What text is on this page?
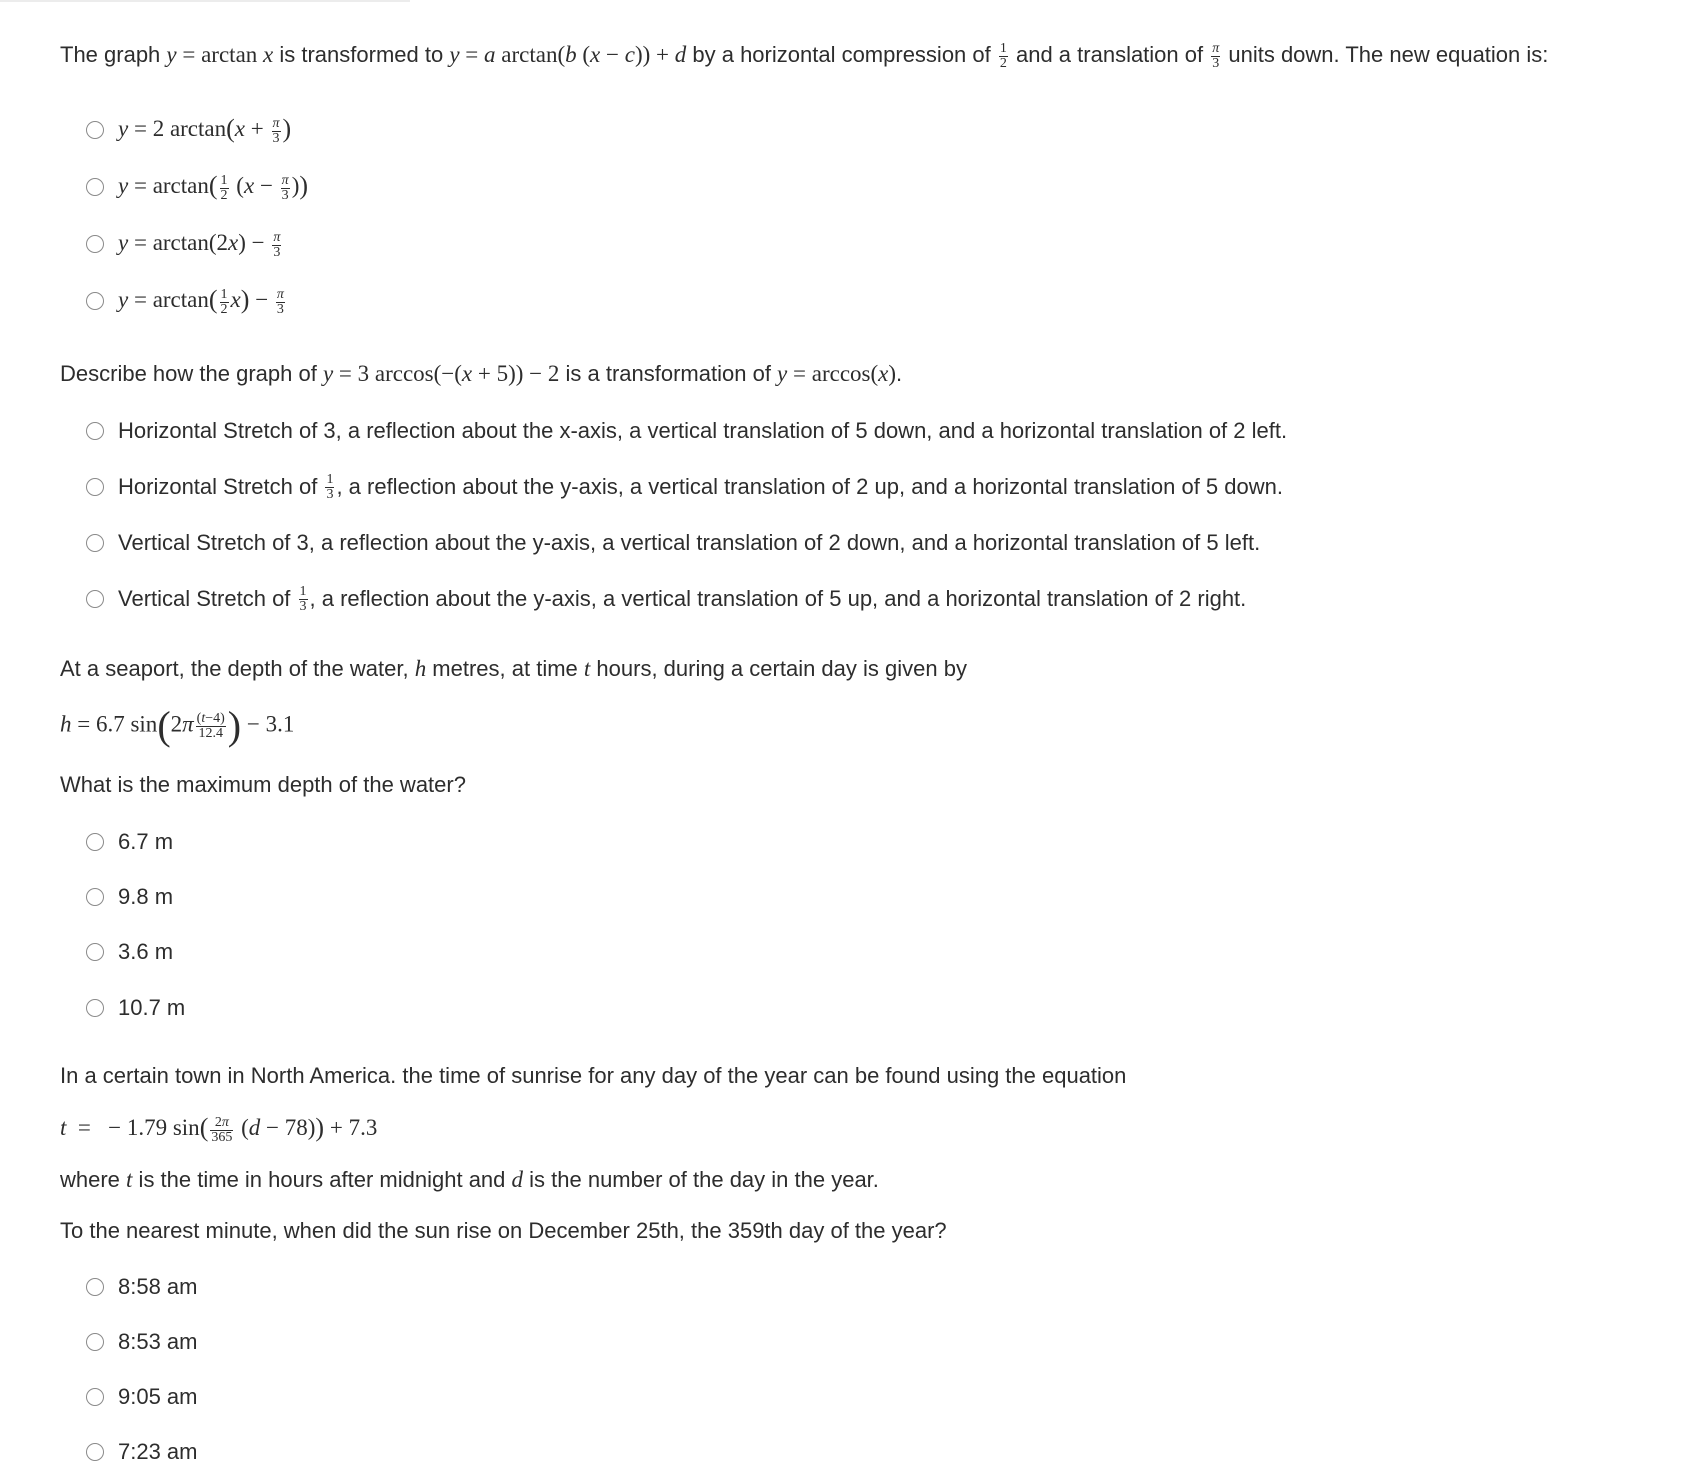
The graph y = arctan x is transformed to y = a arctan(b (x − c)) + d by a horizontal compression of $\frac{1}{2}$ and a translation of $\frac{\pi}{3}$ units down. The new equation is:

y = 2 $\arctan(x + \frac{\pi}{3}$ )
$y = \arctan( \frac{1}{2} (x - \frac{\pi}{3}$ ))
$y = \arctan(2x) - \frac{\pi}{3}$
$y = \arctan( \frac{1}{2} x) - \frac{\pi}{3}$

Describe how the graph of y = 3 arccos(−(x + 5)) − 2 is a transformation of y = arccos(x).

Horizontal Stretch of 3, a reflection about the x-axis, a vertical translation of 5 down, and a horizontal translation of 2 left.
Horizontal Stretch of $\frac{1}{3}$ , a reflection about the y-axis, a vertical translation of 2 up, and a horizontal translation of 5 down.
Vertical Stretch of 3, a reflection about the y-axis, a vertical translation of 2 down, and a horizontal translation of 5 left.
Vertical Stretch of $\frac{1}{3}$ , a reflection about the y-axis, a vertical translation of 5 up, and a horizontal translation of 2 right.

At a seaport, the depth of the water, h metres, at time t hours, during a certain day is given by

h = 6.7 $\sin(2\pi \frac{(t-4)}{12.4}$ ) − 3.1

What is the maximum depth of the water?

6.7 m
9.8 m
3.6 m
10.7 m

In a certain town in North America. the time of sunrise for any day of the year can be found using the equation

t  =   − 1.79 $\sin( \frac{2\pi}{365} (d - 78)) + 7.3$

where t is the time in hours after midnight and d is the number of the day in the year.

To the nearest minute, when did the sun rise on December 25th, the 359th day of the year?

8:58 am
8:53 am
9:05 am
7:23 am
